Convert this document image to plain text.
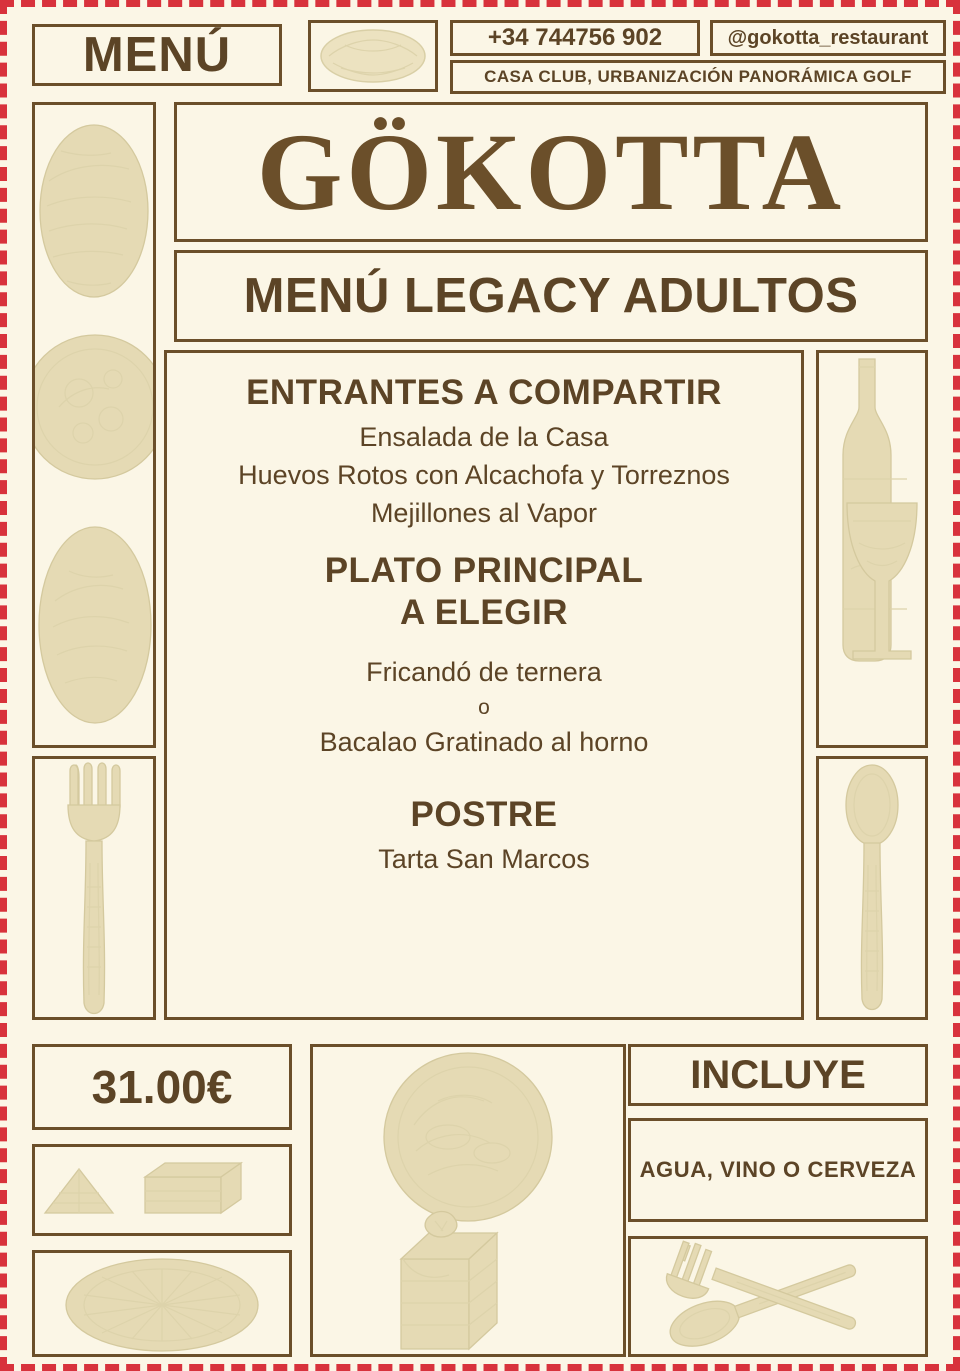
MENÚ	+34 744756 902	@gokotta_restaurant
CASA CLUB, URBANIZACIÓN PANORÁMICA GOLF
GÖKOTTA
MENÚ LEGACY ADULTOS
ENTRANTES A COMPARTIR
Ensalada de la Casa
Huevos Rotos con Alcachofa y Torreznos
Mejillones al Vapor
PLATO PRINCIPAL
A ELEGIR
Fricandó de ternera
o
Bacalao Gratinado al horno
POSTRE
Tarta San Marcos
31.00€	INCLUYE
AGUA, VINO O CERVEZA
